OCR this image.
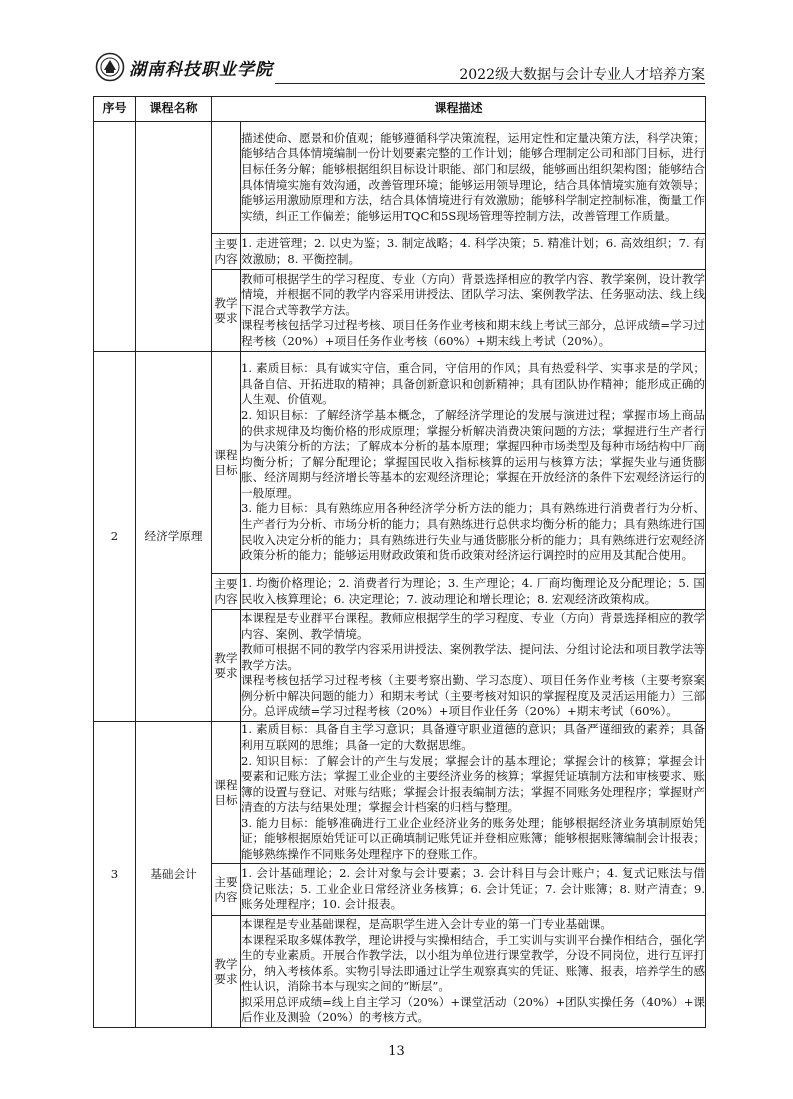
湖南科技职业学院	2022级大数据与会计专业人才培养方案
序号	课程名称	课程描述	
			描述使命、愿景和价值观；能够遵循科学决策流程，运用定性和定量决策方法，科学决策；能够结合具体情境编制一份计划要素完整的工作计划；能够合理制定公司和部门目标，进行目标任务分解；能够根据组织目标设计职能、部门和层级，能够画出组织架构图；能够结合具体情境实施有效沟通，改善管理环境；能够运用领导理论，结合具体情境实施有效领导；能够运用激励原理和方法，结合具体情境进行有效激励；能够科学制定控制标准，衡量工作实绩，纠正工作偏差；能够运用TQC和5S现场管理等控制方法，改善管理工作质量。

		主要内容	1. 走进管理；2. 以史为鉴；3. 制定战略；4. 科学决策；5. 精准计划；6. 高效组织；7. 有效激励；8. 平衡控制。

		教学要求	教师可根据学生的学习程度、专业（方向）背景选择相应的教学内容、教学案例，设计教学情境，并根据不同的教学内容采用讲授法、团队学习法、案例教学法、任务驱动法、线上线下混合式等教学方法。
课程考核包括学习过程考核、项目任务作业考核和期末线上考试三部分，总评成绩=学习过程考核（20%）+项目任务作业考核（60%）+期末线上考试（20%）。

2	经济学原理	课程目标	1. 素质目标：具有诚实守信，重合同，守信用的作风；具有热爱科学、实事求是的学风；具备自信、开拓进取的精神；具备创新意识和创新精神；具有团队协作精神；能形成正确的人生观、价值观。
2. 知识目标：了解经济学基本概念，了解经济学理论的发展与演进过程；掌握市场上商品的供求规律及均衡价格的形成原理；掌握分析解决消费决策问题的方法；掌握进行生产者行为与决策分析的方法；了解成本分析的基本原理；掌握四种市场类型及每种市场结构中厂商均衡分析；了解分配理论；掌握国民收入指标核算的运用与核算方法；掌握失业与通货膨胀、经济周期与经济增长等基本的宏观经济理论；掌握在开放经济的条件下宏观经济运行的一般原理。
3. 能力目标：具有熟练应用各种经济学分析方法的能力；具有熟练进行消费者行为分析、生产者行为分析、市场分析的能力；具有熟练进行总供求均衡分析的能力；具有熟练进行国民收入决定分析的能力；具有熟练进行失业与通货膨胀分析的能力；具有熟练进行宏观经济政策分析的能力；能够运用财政政策和货币政策对经济运行调控时的应用及其配合使用。

		主要内容	1. 均衡价格理论；2. 消费者行为理论；3. 生产理论；4. 厂商均衡理论及分配理论；5. 国民收入核算理论；6. 决定理论；7. 波动理论和增长理论；8. 宏观经济政策构成。

		教学要求	本课程是专业群平台课程。教师应根据学生的学习程度、专业（方向）背景选择相应的教学内容、案例、教学情境。
教师可根据不同的教学内容采用讲授法、案例教学法、提问法、分组讨论法和项目教学法等教学方法。
课程考核包括学习过程考核（主要考察出勤、学习态度）、项目任务作业考核（主要考察案例分析中解决问题的能力）和期末考试（主要考核对知识的掌握程度及灵活运用能力）三部分。总评成绩=学习过程考核（20%）+项目作业任务（20%）+期末考试（60%）。

3	基础会计	课程目标	1. 素质目标：具备自主学习意识；具备遵守职业道德的意识；具备严谨细致的素养；具备利用互联网的思维；具备一定的大数据思维。
2. 知识目标：了解会计的产生与发展；掌握会计的基本理论；掌握会计的核算；掌握会计要素和记账方法；掌握工业企业的主要经济业务的核算；掌握凭证填制方法和审核要求、账簿的设置与登记、对账与结账；掌握会计报表编制方法；掌握不同账务处理程序；掌握财产清查的方法与结果处理；掌握会计档案的归档与整理。
3. 能力目标：能够准确进行工业企业经济业务的账务处理；能够根据经济业务填制原始凭证；能够根据原始凭证可以正确填制记账凭证并登相应账簿；能够根据账簿编制会计报表；能够熟练操作不同账务处理程序下的登账工作。

		主要内容	1. 会计基础理论；2. 会计对象与会计要素；3. 会计科目与会计账户；4. 复式记账法与借贷记账法；5. 工业企业日常经济业务核算；6. 会计凭证；7. 会计账簿；8. 财产清查；9. 账务处理程序；10. 会计报表。

		教学要求	本课程是专业基础课程，是高职学生进入会计专业的第一门专业基础课。
本课程采取多媒体教学，理论讲授与实操相结合，手工实训与实训平台操作相结合，强化学生的专业素质。开展合作教学法，以小组为单位进行课堂教学，分设不同岗位，进行互评打分，纳入考核体系。实物引导法即通过让学生观察真实的凭证、账簿、报表，培养学生的感性认识，消除书本与现实之间的“断层”。
拟采用总评成绩=线上自主学习（20%）+课堂活动（20%）+团队实操任务（40%）+课后作业及测验（20%）的考核方式。
13
